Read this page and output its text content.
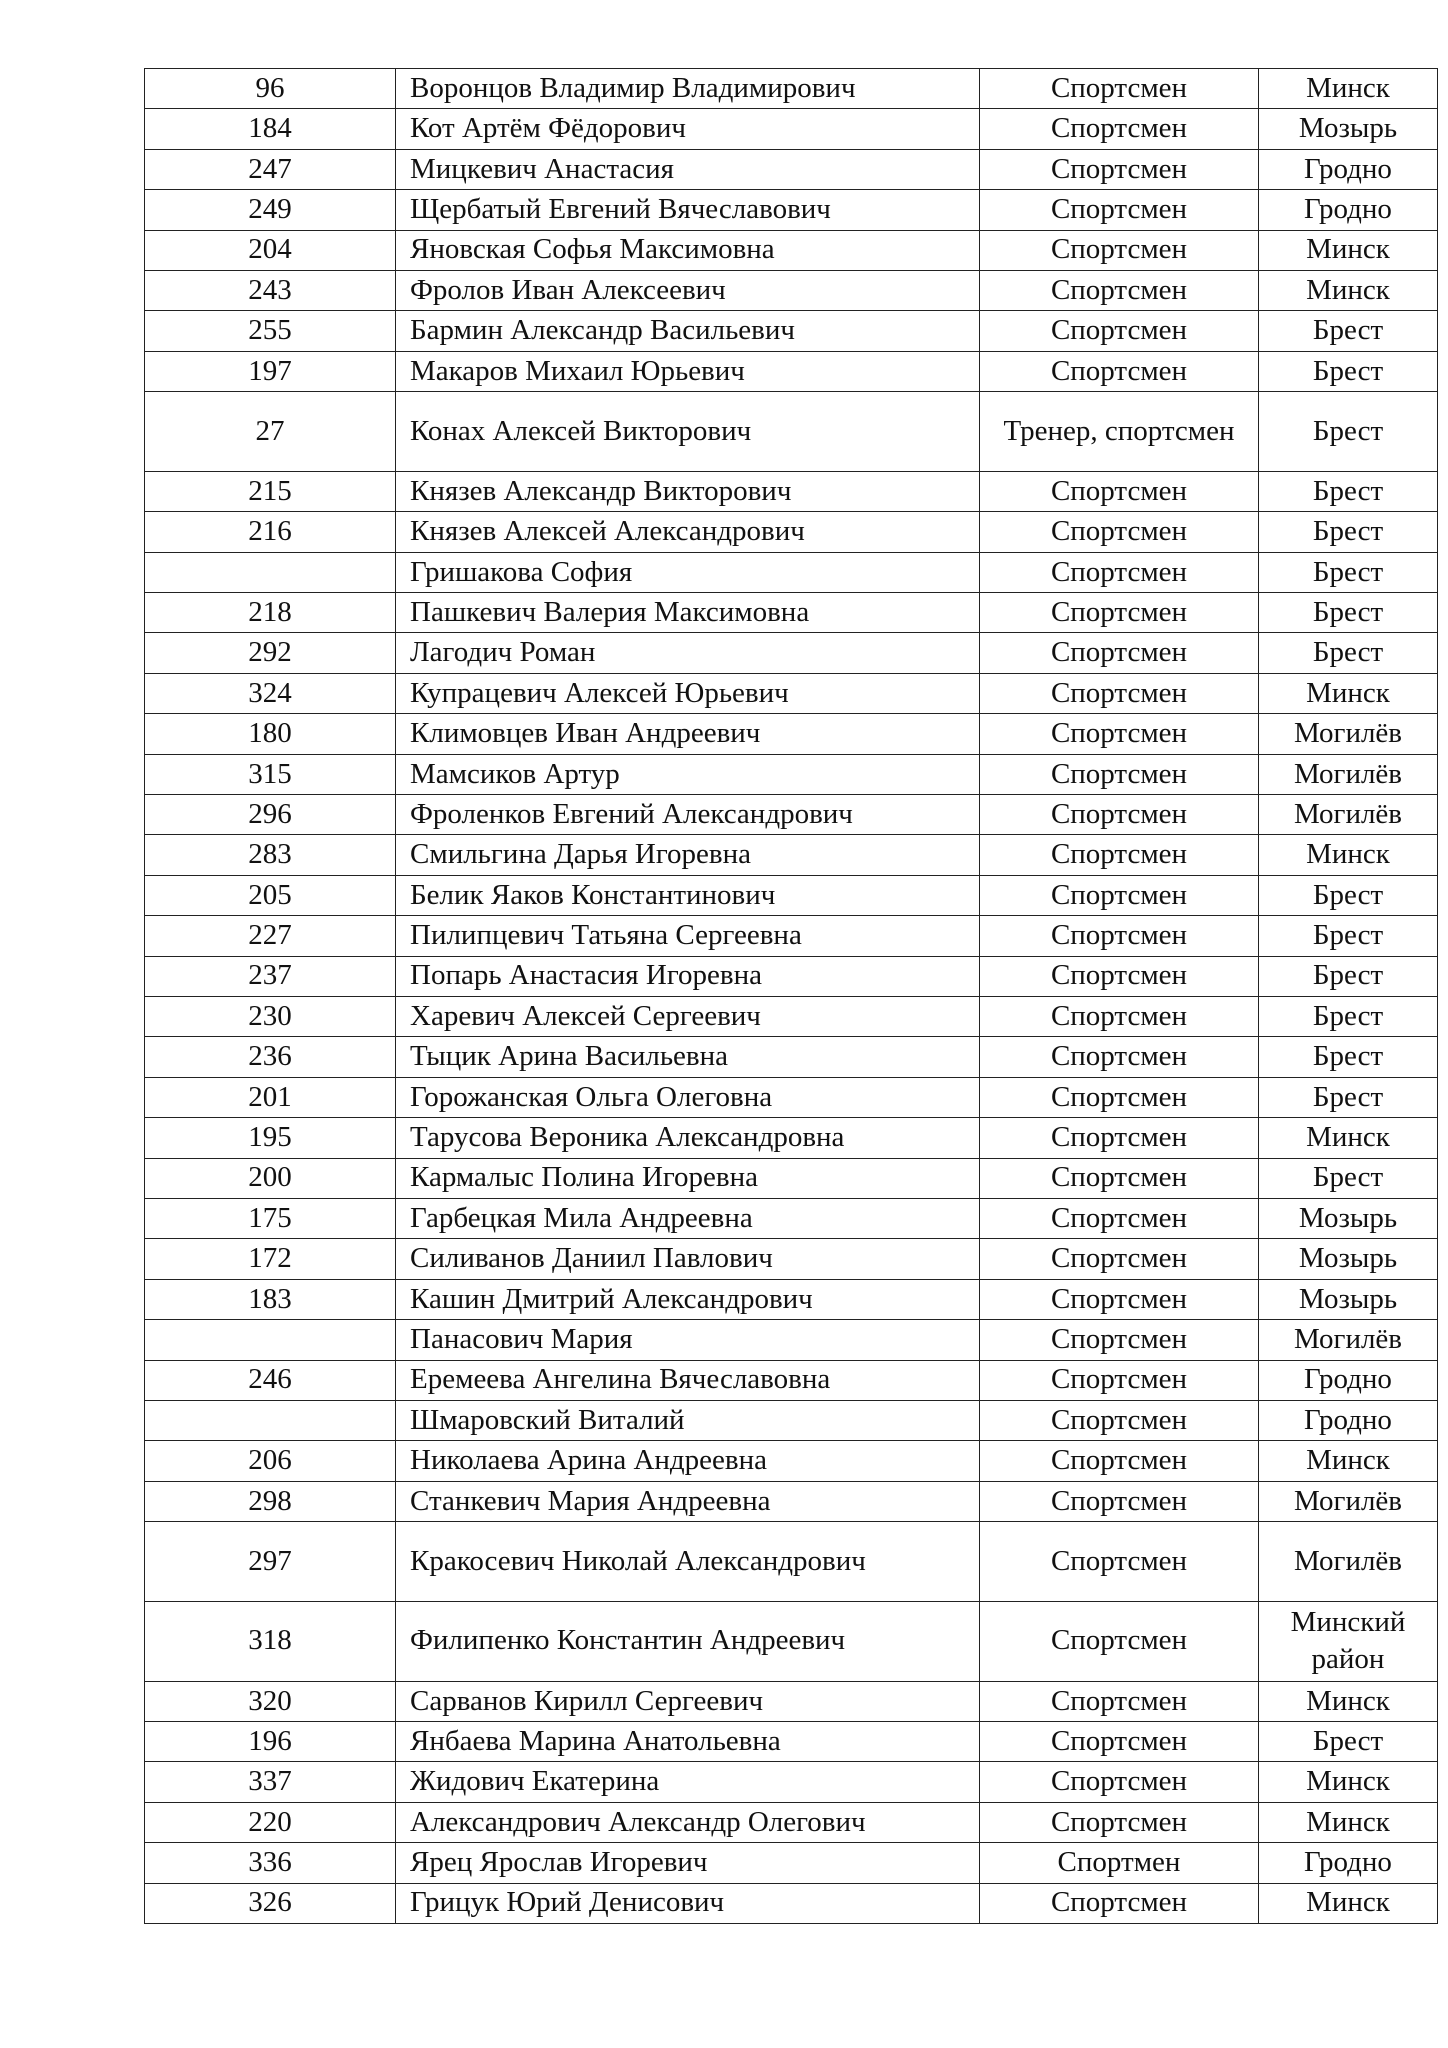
96	Воронцов Владимир Владимирович	Спортсмен	Минск
184	Кот Артём Фёдорович	Спортсмен	Мозырь
247	Мицкевич Анастасия	Спортсмен	Гродно
249	Щербатый Евгений Вячеславович	Спортсмен	Гродно
204	Яновская Софья Максимовна	Спортсмен	Минск
243	Фролов Иван Алексеевич	Спортсмен	Минск
255	Бармин Александр Васильевич	Спортсмен	Брест
197	Макаров Михаил Юрьевич	Спортсмен	Брест
27	Конах Алексей Викторович	Тренер, спортсмен	Брест
215	Князев Александр Викторович	Спортсмен	Брест
216	Князев Алексей Александрович	Спортсмен	Брест
	Гришакова София	Спортсмен	Брест
218	Пашкевич Валерия Максимовна	Спортсмен	Брест
292	Лагодич Роман	Спортсмен	Брест
324	Купрацевич Алексей Юрьевич	Спортсмен	Минск
180	Климовцев Иван Андреевич	Спортсмен	Могилёв
315	Мамсиков Артур	Спортсмен	Могилёв
296	Фроленков Евгений Александрович	Спортсмен	Могилёв
283	Смильгина Дарья Игоревна	Спортсмен	Минск
205	Белик Яаков Константинович	Спортсмен	Брест
227	Пилипцевич Татьяна Сергеевна	Спортсмен	Брест
237	Попарь Анастасия Игоревна	Спортсмен	Брест
230	Харевич Алексей Сергеевич	Спортсмен	Брест
236	Тыцик Арина Васильевна	Спортсмен	Брест
201	Горожанская Ольга Олеговна	Спортсмен	Брест
195	Тарусова Вероника Александровна	Спортсмен	Минск
200	Кармалыс Полина Игоревна	Спортсмен	Брест
175	Гарбецкая Мила Андреевна	Спортсмен	Мозырь
172	Силиванов Даниил Павлович	Спортсмен	Мозырь
183	Кашин Дмитрий Александрович	Спортсмен	Мозырь
	Панасович Мария	Спортсмен	Могилёв
246	Еремеева Ангелина Вячеславовна	Спортсмен	Гродно
	Шмаровский Виталий	Спортсмен	Гродно
206	Николаева Арина Андреевна	Спортсмен	Минск
298	Станкевич Мария Андреевна	Спортсмен	Могилёв
297	Кракосевич Николай Александрович	Спортсмен	Могилёв
318	Филипенко Константин Андреевич	Спортсмен	Минский район
320	Сарванов Кирилл Сергеевич	Спортсмен	Минск
196	Янбаева Марина Анатольевна	Спортсмен	Брест
337	Жидович Екатерина	Спортсмен	Минск
220	Александрович Александр Олегович	Спортсмен	Минск
336	Ярец Ярослав Игоревич	Спортмен	Гродно
326	Грицук Юрий Денисович	Спортсмен	Минск
